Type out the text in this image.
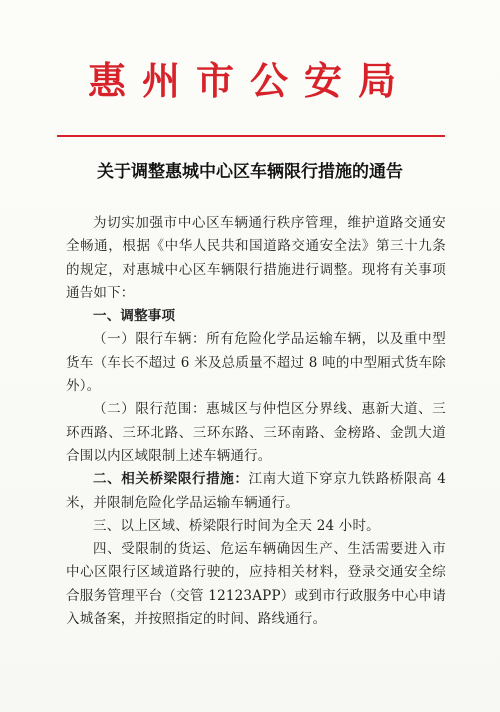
惠州市公安局
关于调整惠城中心区车辆限行措施的通告

为切实加强市中心区车辆通行秩序管理，维护道路交通安全畅通，根据《中华人民共和国道路交通安全法》第三十九条的规定，对惠城中心区车辆限行措施进行调整。现将有关事项通告如下：

一、调整事项

（一）限行车辆：所有危险化学品运输车辆，以及重中型货车（车长不超过 6 米及总质量不超过 8 吨的中型厢式货车除外）。

（二）限行范围：惠城区与仲恺区分界线、惠新大道、三环西路、三环北路、三环东路、三环南路、金榜路、金凯大道合围以内区域限制上述车辆通行。

二、相关桥梁限行措施：江南大道下穿京九铁路桥限高 4 米，并限制危险化学品运输车辆通行。

三、以上区域、桥梁限行时间为全天 24 小时。

四、受限制的货运、危运车辆确因生产、生活需要进入市中心区限行区域道路行驶的，应持相关材料，登录交通安全综合服务管理平台（交管 12123APP）或到市行政服务中心申请入城备案，并按照指定的时间、路线通行。
